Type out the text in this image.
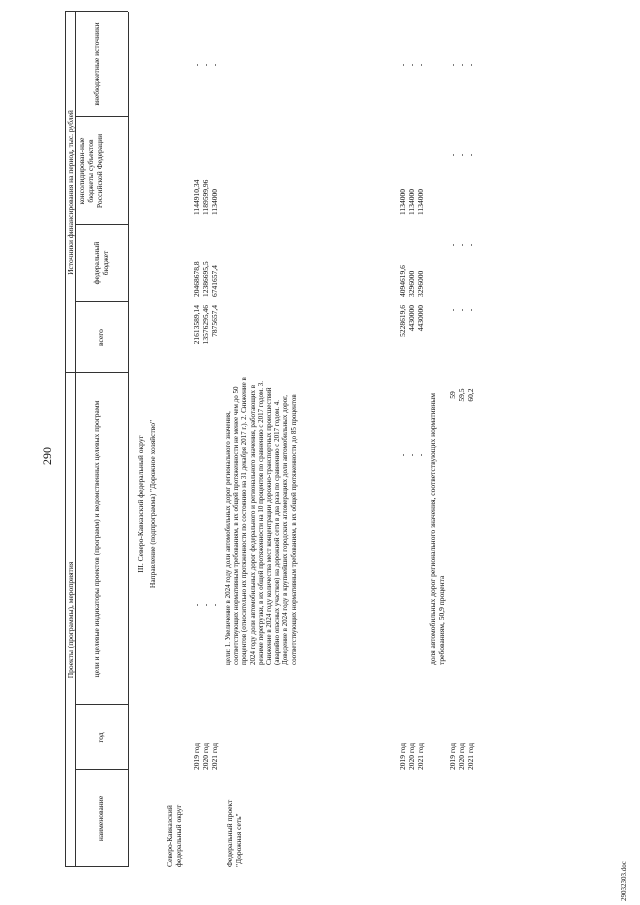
290
Проекты (программы), мероприятия
Источники финансирования на период, тыс. рублей
наименование
год
цели и целевые индикаторы проектов (программ) и ведомственных целевых программ
всего
федеральный бюджет
консолидирован-ные бюджеты субъектов Российской Федерации
внебюджетные источники
III. Северо-Кавказский федеральный округ Направление (подпрограмма) "Дорожное хозяйство"
Северо-Кавказский федеральный округ
2019 год 2020 год 2021 год
- - -
21613589,14 13576295,46 7875657,4
20468678,8 12386695,5 6741657,4
1144910,34 1189599,96 1134000
- - -
Федеральный проект "Дорожная сеть"
цели: 1. Увеличение в 2024 году доли автомобильных дорог регионального значения, соответствующих нормативным требованиям, в их общей протяженности не менее чем до 50 процентов (относительно их протяженности по состоянию на 31 декабря 2017 г.). 2. Снижение в 2024 году доли автомобильных дорог федерального и регионального значения, работающих в режиме перегрузки, в их общей протяженности на 10 процентов по сравнению с 2017 годом. 3. Снижение в 2024 году количества мест концентрации дорожно-транспортных происшествий (аварийно опасных участков) на дорожной сети в два раза по сравнению с 2017 годом. 4. Доведение в 2024 году в крупнейших городских агломерациях доли автомобильных дорог, соответствующих нормативным требованиям, в их общей протяженности до 85 процентов
2019 год 2020 год 2021 год
- - -
5228619,6 4430000 4430000
4094619,6 3296000 3296000
1134000 1134000 1134000
- - -
доля автомобильных дорог регионального значения, соответствующих нормативным требованиям, 50,9 процента
2019 год 2020 год 2021 год
59 59,5 60,2
- - -
- - -
- - -
- - -
29032303.doc
